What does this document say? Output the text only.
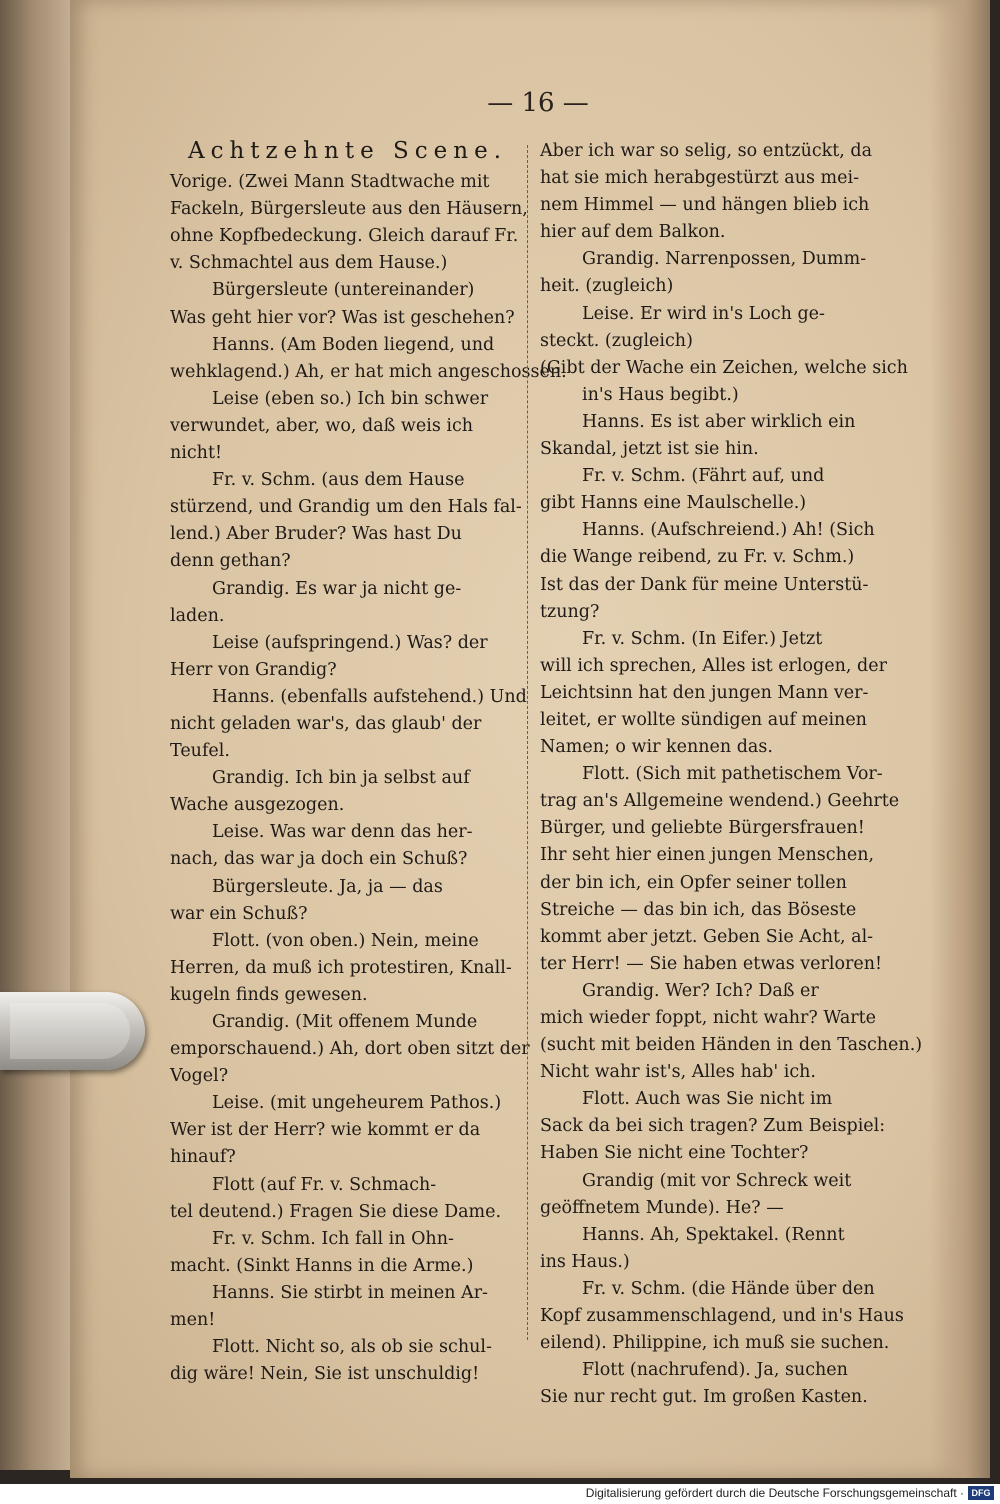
— 16 —
Achtzehnte Scene.
Vorige. (Zwei Mann Stadtwache mit
Fackeln, Bürgersleute aus den Häusern,
ohne Kopfbedeckung. Gleich darauf Fr.
v. Schmachtel aus dem Hause.)
Bürgersleute (untereinander)
Was geht hier vor? Was ist geschehen?
Hanns. (Am Boden liegend, und
wehklagend.) Ah, er hat mich angeschossen.
Leise (eben so.) Ich bin schwer
verwundet, aber, wo, daß weis ich
nicht!
Fr. v. Schm. (aus dem Hause
stürzend, und Grandig um den Hals fal-
lend.) Aber Bruder? Was hast Du
denn gethan?
Grandig. Es war ja nicht ge-
laden.
Leise (aufspringend.) Was? der
Herr von Grandig?
Hanns. (ebenfalls aufstehend.) Und
nicht geladen war's, das glaub' der
Teufel.
Grandig. Ich bin ja selbst auf
Wache ausgezogen.
Leise. Was war denn das her-
nach, das war ja doch ein Schuß?
Bürgersleute. Ja, ja — das
war ein Schuß?
Flott. (von oben.) Nein, meine
Herren, da muß ich protestiren, Knall-
kugeln finds gewesen.
Grandig. (Mit offenem Munde
emporschauend.) Ah, dort oben sitzt der
Vogel?
Leise. (mit ungeheurem Pathos.)
Wer ist der Herr? wie kommt er da
hinauf?
Flott (auf Fr. v. Schmach-
tel deutend.) Fragen Sie diese Dame.
Fr. v. Schm. Ich fall in Ohn-
macht. (Sinkt Hanns in die Arme.)
Hanns. Sie stirbt in meinen Ar-
men!
Flott. Nicht so, als ob sie schul-
dig wäre! Nein, Sie ist unschuldig!
Aber ich war so selig, so entzückt, da
hat sie mich herabgestürzt aus mei-
nem Himmel — und hängen blieb ich
hier auf dem Balkon.
Grandig. Narrenpossen, Dumm-
heit. (zugleich)
Leise. Er wird in's Loch ge-
steckt. (zugleich)
(Gibt der Wache ein Zeichen, welche sich
in's Haus begibt.)
Hanns. Es ist aber wirklich ein
Skandal, jetzt ist sie hin.
Fr. v. Schm. (Fährt auf, und
gibt Hanns eine Maulschelle.)
Hanns. (Aufschreiend.) Ah! (Sich
die Wange reibend, zu Fr. v. Schm.)
Ist das der Dank für meine Unterstü-
tzung?
Fr. v. Schm. (In Eifer.) Jetzt
will ich sprechen, Alles ist erlogen, der
Leichtsinn hat den jungen Mann ver-
leitet, er wollte sündigen auf meinen
Namen; o wir kennen das.
Flott. (Sich mit pathetischem Vor-
trag an's Allgemeine wendend.) Geehrte
Bürger, und geliebte Bürgersfrauen!
Ihr seht hier einen jungen Menschen,
der bin ich, ein Opfer seiner tollen
Streiche — das bin ich, das Böseste
kommt aber jetzt. Geben Sie Acht, al-
ter Herr! — Sie haben etwas verloren!
Grandig. Wer? Ich? Daß er
mich wieder foppt, nicht wahr? Warte
(sucht mit beiden Händen in den Taschen.)
Nicht wahr ist's, Alles hab' ich.
Flott. Auch was Sie nicht im
Sack da bei sich tragen? Zum Beispiel:
Haben Sie nicht eine Tochter?
Grandig (mit vor Schreck weit
geöffnetem Munde). He? —
Hanns. Ah, Spektakel. (Rennt
ins Haus.)
Fr. v. Schm. (die Hände über den
Kopf zusammenschlagend, und in's Haus
eilend). Philippine, ich muß sie suchen.
Flott (nachrufend). Ja, suchen
Sie nur recht gut. Im großen Kasten.
Digitalisierung gefördert durch die Deutsche Forschungsgemeinschaft · DFG
